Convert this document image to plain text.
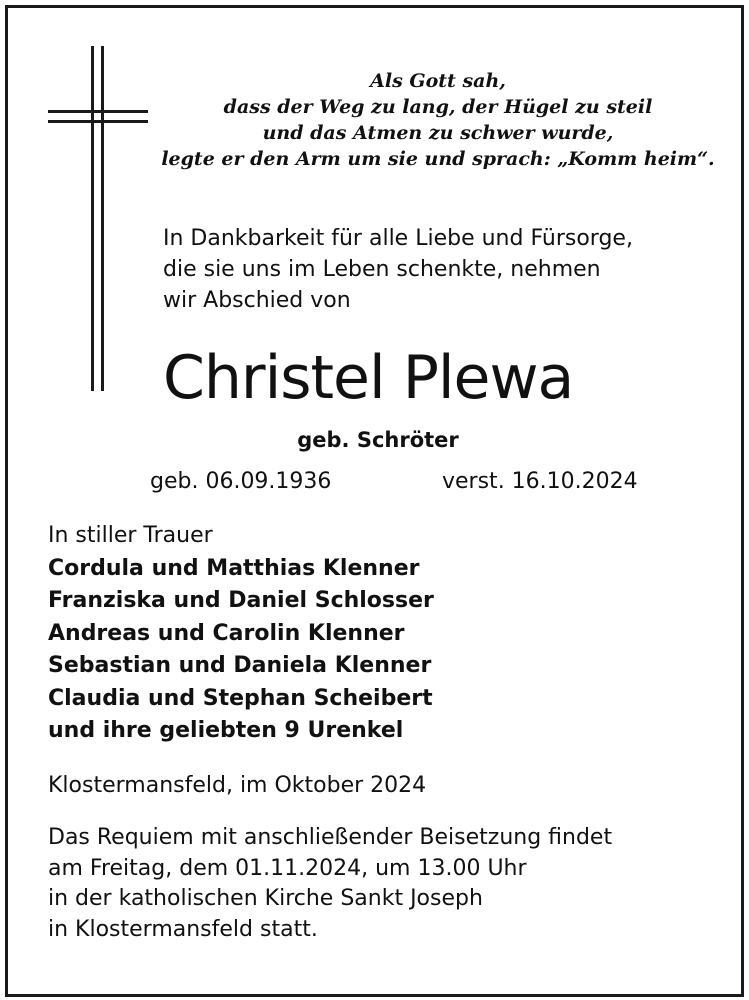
Als Gott sah,
dass der Weg zu lang, der Hügel zu steil
und das Atmen zu schwer wurde,
legte er den Arm um sie und sprach: „Komm heim“.
In Dankbarkeit für alle Liebe und Fürsorge,
die sie uns im Leben schenkte, nehmen
wir Abschied von
Christel Plewa
geb. Schröter
geb. 06.09.1936	verst. 16.10.2024
In stiller Trauer
Cordula und Matthias Klenner
Franziska und Daniel Schlosser
Andreas und Carolin Klenner
Sebastian und Daniela Klenner
Claudia und Stephan Scheibert
und ihre geliebten 9 Urenkel
Klostermansfeld, im Oktober 2024
Das Requiem mit anschließender Beisetzung findet
am Freitag, dem 01.11.2024, um 13.00 Uhr
in der katholischen Kirche Sankt Joseph
in Klostermansfeld statt.
